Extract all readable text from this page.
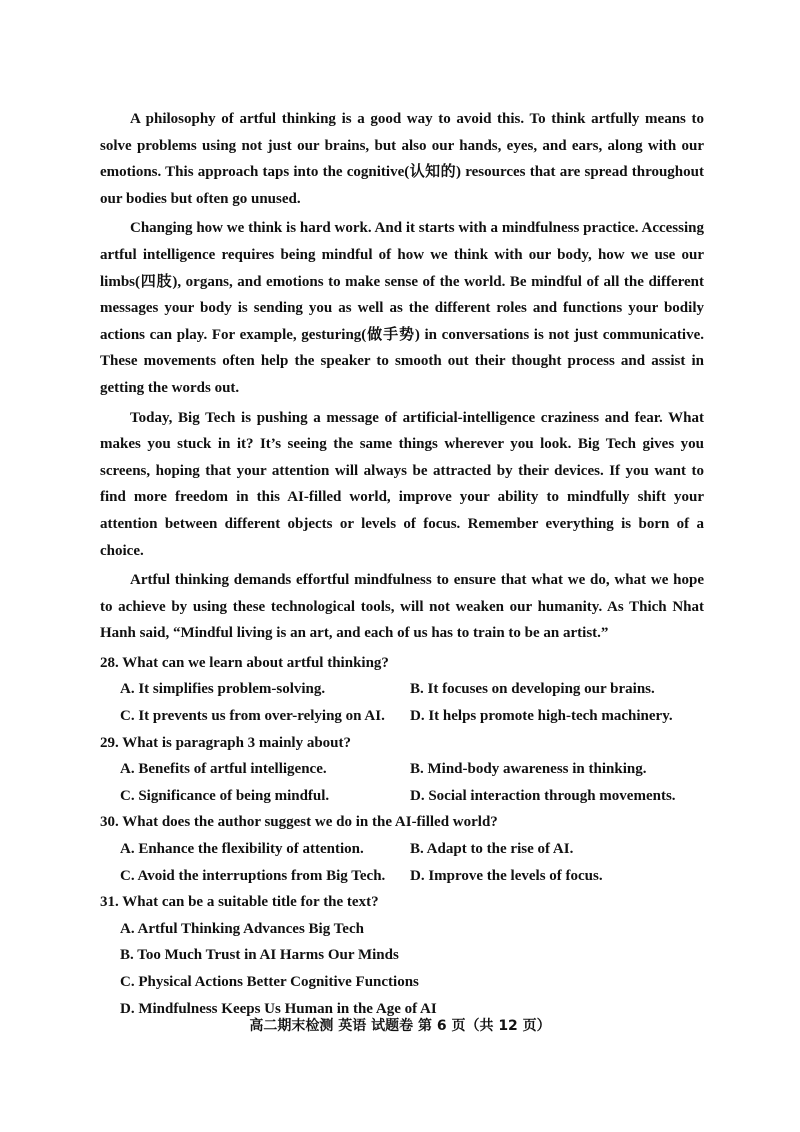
A philosophy of artful thinking is a good way to avoid this. To think artfully means to solve problems using not just our brains, but also our hands, eyes, and ears, along with our emotions. This approach taps into the cognitive(认知的) resources that are spread throughout our bodies but often go unused.

Changing how we think is hard work. And it starts with a mindfulness practice. Accessing artful intelligence requires being mindful of how we think with our body, how we use our limbs(四肢), organs, and emotions to make sense of the world. Be mindful of all the different messages your body is sending you as well as the different roles and functions your bodily actions can play. For example, gesturing(做手势) in conversations is not just communicative. These movements often help the speaker to smooth out their thought process and assist in getting the words out.

Today, Big Tech is pushing a message of artificial-intelligence craziness and fear. What makes you stuck in it? It’s seeing the same things wherever you look. Big Tech gives you screens, hoping that your attention will always be attracted by their devices. If you want to find more freedom in this AI-filled world, improve your ability to mindfully shift your attention between different objects or levels of focus. Remember everything is born of a choice.

Artful thinking demands effortful mindfulness to ensure that what we do, what we hope to achieve by using these technological tools, will not weaken our humanity. As Thich Nhat Hanh said, “Mindful living is an art, and each of us has to train to be an artist.”

28. What can we learn about artful thinking?

A. It simplifies problem-solving.	B. It focuses on developing our brains.
C. It prevents us from over-relying on AI.	D. It helps promote high-tech machinery.

29. What is paragraph 3 mainly about?

A. Benefits of artful intelligence.	B. Mind-body awareness in thinking.
C. Significance of being mindful.	D. Social interaction through movements.

30. What does the author suggest we do in the AI-filled world?

A. Enhance the flexibility of attention.	B. Adapt to the rise of AI.
C. Avoid the interruptions from Big Tech.	D. Improve the levels of focus.

31. What can be a suitable title for the text?

A. Artful Thinking Advances Big Tech
B. Too Much Trust in AI Harms Our Minds
C. Physical Actions Better Cognitive Functions
D. Mindfulness Keeps Us Human in the Age of AI
高二期末检测 英语 试题卷 第 6 页（共 12 页）
